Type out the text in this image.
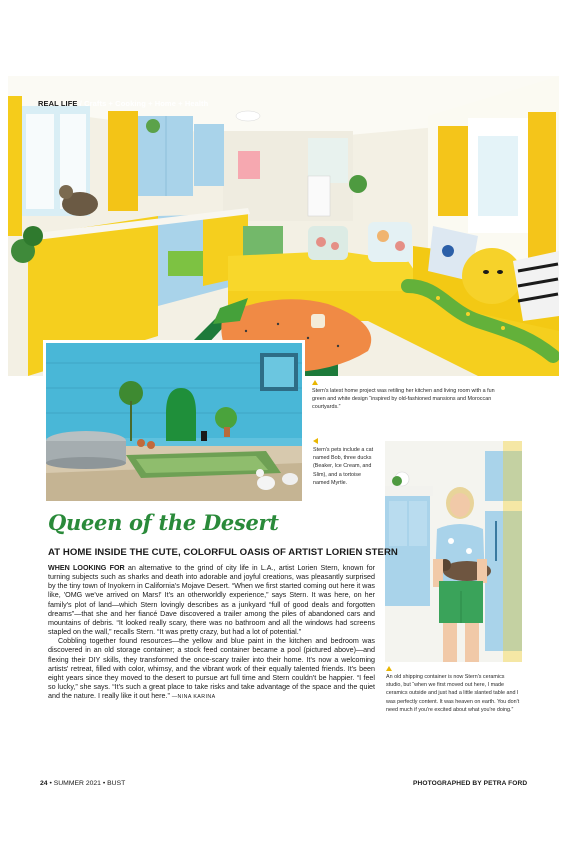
REAL LIFE / Crafts + Cooking + Home + Health
Stern's latest home project was retiling her kitchen and living room with a fun green and white design “inspired by old-fashioned mansions and Moroccan courtyards.”
Stern's pets include a cat named Bob, three ducks (Beaker, Ice Cream, and Slim), and a tortoise named Myrtle.
An old shipping container is now Stern's ceramics studio, but “when we first moved out here, I made ceramics outside and just had a little slanted table and I was perfectly content. It was heaven on earth. You don't need much if you're excited about what you're doing.”
Queen of the Desert
AT HOME INSIDE THE CUTE, COLORFUL OASIS OF ARTIST LORIEN STERN

WHEN LOOKING FOR an alternative to the grind of city life in L.A., artist Lorien Stern, known for turning subjects such as sharks and death into adorable and joyful creations, was pleasantly surprised by the tiny town of Inyokern in California's Mojave Desert. “When we first started coming out here it was like, 'OMG we've arrived on Mars!' It's an otherworldly experience,” says Stern. It was here, on her family's plot of land—which Stern lovingly describes as a junkyard “full of good deals and forgotten dreams”—that she and her fiancé Dave discovered a trailer among the piles of abandoned cars and mountains of debris. “It looked really scary, there was no bathroom and all the windows had screens stapled on the wall,” recalls Stern. “It was pretty crazy, but had a lot of potential.”

Cobbling together found resources—the yellow and blue paint in the kitchen and bedroom was discovered in an old storage container; a stock feed container became a pool (pictured above)—and flexing their DIY skills, they transformed the once-scary trailer into their home. It's now a welcoming artists' retreat, filled with color, whimsy, and the vibrant work of their equally talented friends. It's been eight years since they moved to the desert to pursue art full time and Stern couldn't be happier. “I feel so lucky,” she says. “It's such a great place to take risks and take advantage of the space and the quiet and the nature. I really like it out here.” —NINA KARINA

24 • SUMMER 2021 • BUST	PHOTOGRAPHED BY PETRA FORD
